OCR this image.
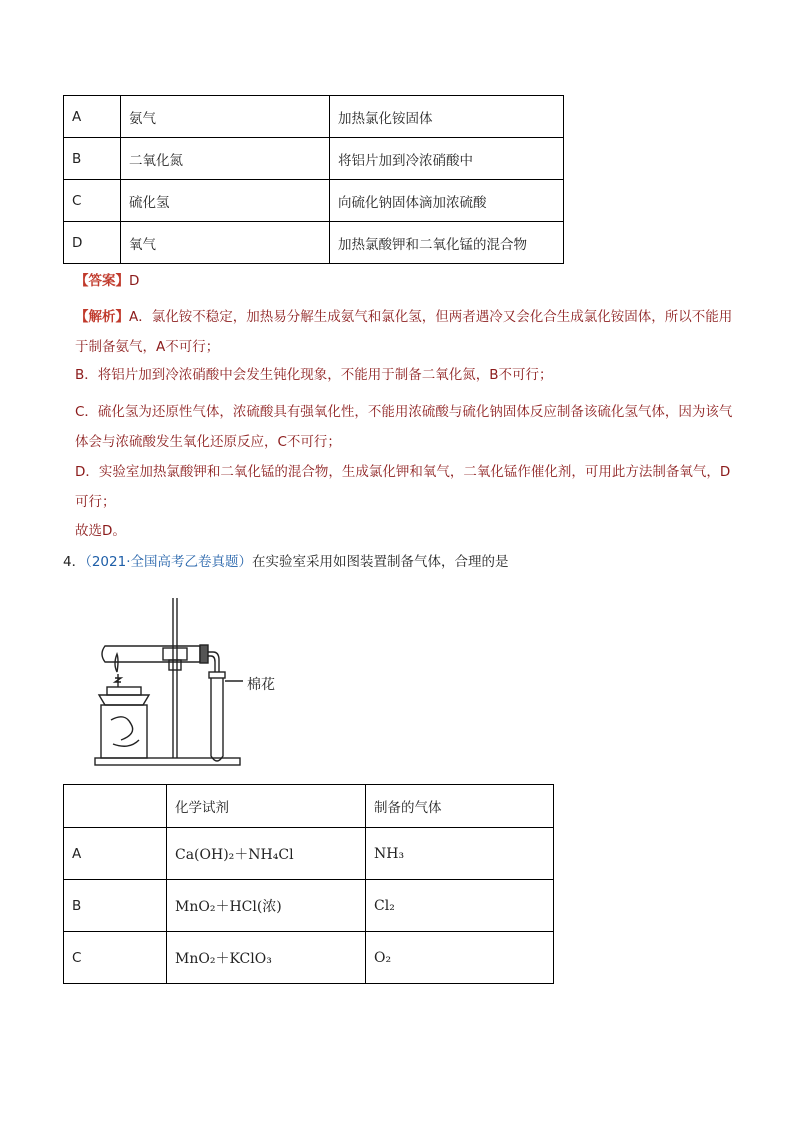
A	氨气	加热氯化铵固体
B	二氧化氮	将铝片加到冷浓硝酸中
C	硫化氢	向硫化钠固体滴加浓硫酸
D	氧气	加热氯酸钾和二氧化锰的混合物
【答案】D
【解析】A．氯化铵不稳定，加热易分解生成氨气和氯化氢，但两者遇冷又会化合生成氯化铵固体，所以不能用于制备氨气，A不可行；
B．将铝片加到冷浓硝酸中会发生钝化现象，不能用于制备二氧化氮，B不可行；
C．硫化氢为还原性气体，浓硫酸具有强氧化性，不能用浓硫酸与硫化钠固体反应制备该硫化氢气体，因为该气体会与浓硫酸发生氧化还原反应，C不可行；
D．实验室加热氯酸钾和二氧化锰的混合物，生成氯化钾和氧气，二氧化锰作催化剂，可用此方法制备氧气，D可行；
故选D。
4．（2021·全国高考乙卷真题）在实验室采用如图装置制备气体，合理的是
棉花
	化学试剂	制备的气体
A	Ca(OH)₂＋NH₄Cl	NH₃
B	MnO₂＋HCl(浓)	Cl₂
C	MnO₂＋KClO₃	O₂
